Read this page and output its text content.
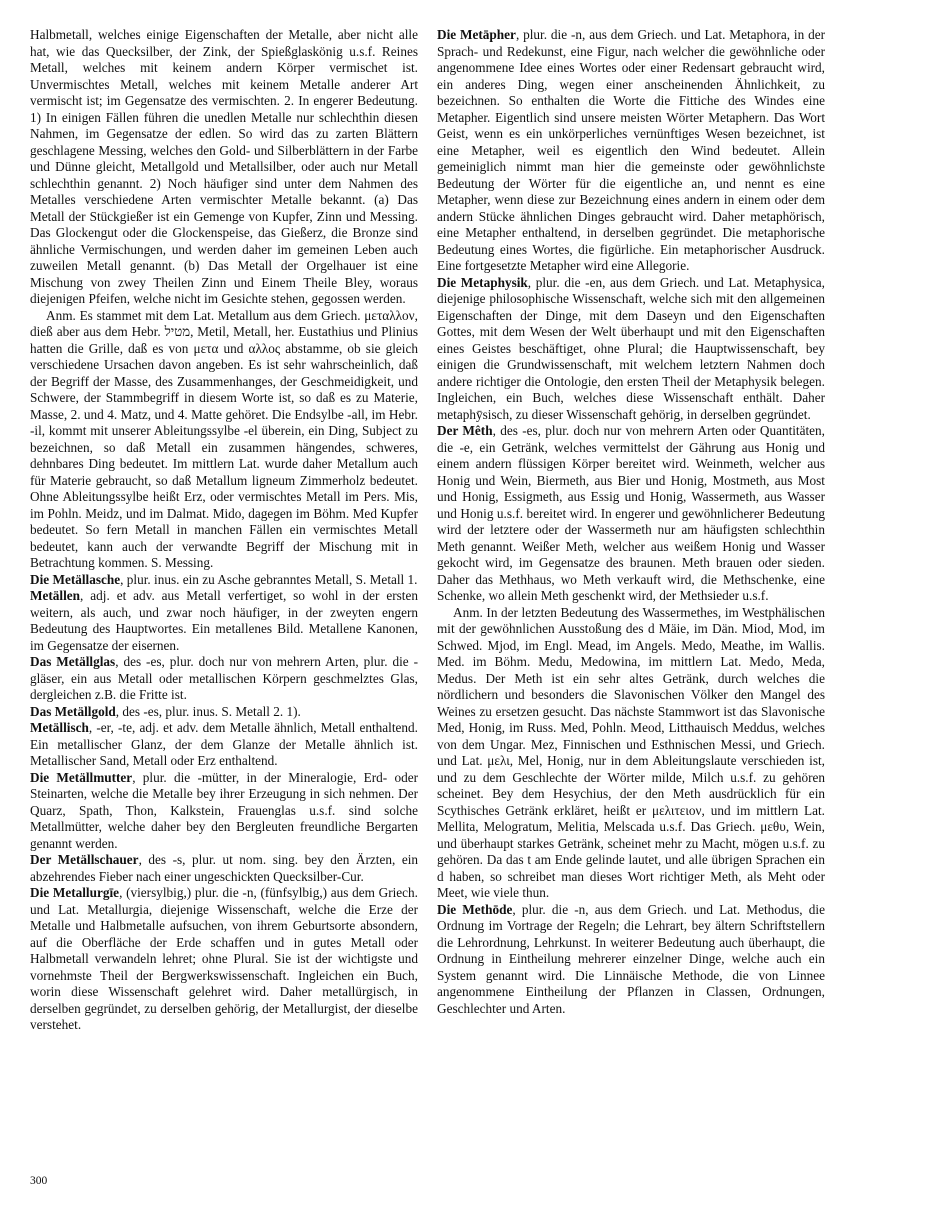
Halbmetall, welches einige Eigenschaften der Metalle, aber nicht alle hat, wie das Quecksilber, der Zink, der Spießglaskönig u.s.f. Reines Metall, welches mit keinem andern Körper vermischet ist. Unvermischtes Metall, welches mit keinem Metalle anderer Art vermischt ist; im Gegensatze des vermischten. 2. In engerer Bedeutung. 1) In einigen Fällen führen die unedlen Metalle nur schlechthin diesen Nahmen, im Gegensatze der edlen. So wird das zu zarten Blättern geschlagene Messing, welches den Gold- und Silberblättern in der Farbe und Dünne gleicht, Metallgold und Metallsilber, oder auch nur Metall schlechthin genannt. 2) Noch häufiger sind unter dem Nahmen des Metalles verschiedene Arten vermischter Metalle bekannt. (a) Das Metall der Stückgießer ist ein Gemenge von Kupfer, Zinn und Messing. Das Glockengut oder die Glockenspeise, das Gießerz, die Bronze sind ähnliche Vermischungen, und werden daher im gemeinen Leben auch zuweilen Metall genannt. (b) Das Metall der Orgelhauer ist eine Mischung von zwey Theilen Zinn und Einem Theile Bley, woraus diejenigen Pfeifen, welche nicht im Gesichte stehen, gegossen werden.

Anm. Es stammet mit dem Lat. Metallum aus dem Griech. μεταλλον, dieß aber aus dem Hebr. מטיל, Metil, Metall, her. Eustathius und Plinius hatten die Grille, daß es von μετα und αλλος abstamme, ob sie gleich verschiedene Ursachen davon angeben. Es ist sehr wahrscheinlich, daß der Begriff der Masse, des Zusammenhanges, der Geschmeidigkeit, und Schwere, der Stammbegriff in diesem Worte ist, so daß es zu Materie, Masse, 2. und 4. Matz, und 4. Matte gehöret. Die Endsylbe -all, im Hebr. -il, kommt mit unserer Ableitungssylbe -el überein, ein Ding, Subject zu bezeichnen, so daß Metall ein zusammen hängendes, schweres, dehnbares Ding bedeutet. Im mittlern Lat. wurde daher Metallum auch für Materie gebraucht, so daß Metallum ligneum Zimmerholz bedeutet. Ohne Ableitungssylbe heißt Erz, oder vermischtes Metall im Pers. Mis, im Pohln. Meidz, und im Dalmat. Mido, dagegen im Böhm. Med Kupfer bedeutet. So fern Metall in manchen Fällen ein vermischtes Metall bedeutet, kann auch der verwandte Begriff der Mischung mit in Betrachtung kommen. S. Messing.

Die Metällasche, plur. inus. ein zu Asche gebranntes Metall, S. Metall 1.

Metällen, adj. et adv. aus Metall verfertiget, so wohl in der ersten weitern, als auch, und zwar noch häufiger, in der zweyten engern Bedeutung des Hauptwortes. Ein metallenes Bild. Metallene Kanonen, im Gegensatze der eisernen.

Das Metällglas, des -es, plur. doch nur von mehrern Arten, plur. die -gläser, ein aus Metall oder metallischen Körpern geschmelztes Glas, dergleichen z.B. die Fritte ist.

Das Metällgold, des -es, plur. inus. S. Metall 2. 1).

Metällisch, -er, -te, adj. et adv. dem Metalle ähnlich, Metall enthaltend. Ein metallischer Glanz, der dem Glanze der Metalle ähnlich ist. Metallischer Sand, Metall oder Erz enthaltend.

Die Metällmutter, plur. die -mütter, in der Mineralogie, Erd- oder Steinarten, welche die Metalle bey ihrer Erzeugung in sich nehmen. Der Quarz, Spath, Thon, Kalkstein, Frauenglas u.s.f. sind solche Metallmütter, welche daher bey den Bergleuten freundliche Bergarten genannt werden.

Der Metällschauer, des -s, plur. ut nom. sing. bey den Ärzten, ein abzehrendes Fieber nach einer ungeschickten Quecksilber-Cur.

Die Metallurgīe, (viersylbig,) plur. die -n, (fünfsylbig,) aus dem Griech. und Lat. Metallurgia, diejenige Wissenschaft, welche die Erze der Metalle und Halbmetalle aufsuchen, von ihrem Geburtsorte absondern, auf die Oberfläche der Erde schaffen und in gutes Metall oder Halbmetall verwandeln lehret; ohne Plural. Sie ist der wichtigste und vornehmste Theil der Bergwerkswissenschaft. Ingleichen ein Buch, worin diese Wissenschaft gelehret wird. Daher metallürgisch, in derselben gegründet, zu derselben gehörig, der Metallurgist, der dieselbe verstehet.

Die Metāpher, plur. die -n, aus dem Griech. und Lat. Metaphora, in der Sprach- und Redekunst, eine Figur, nach welcher die gewöhnliche oder angenommene Idee eines Wortes oder einer Redensart gebraucht wird, ein anderes Ding, wegen einer anscheinenden Ähnlichkeit, zu bezeichnen. So enthalten die Worte die Fittiche des Windes eine Metapher. Eigentlich sind unsere meisten Wörter Metaphern. Das Wort Geist, wenn es ein unkörperliches vernünftiges Wesen bezeichnet, ist eine Metapher, weil es eigentlich den Wind bedeutet. Allein gemeiniglich nimmt man hier die gemeinste oder gewöhnlichste Bedeutung der Wörter für die eigentliche an, und nennt es eine Metapher, wenn diese zur Bezeichnung eines andern in einem oder dem andern Stücke ähnlichen Dinges gebraucht wird. Daher metaphörisch, eine Metapher enthaltend, in derselben gegründet. Die metaphorische Bedeutung eines Wortes, die figürliche. Ein metaphorischer Ausdruck. Eine fortgesetzte Metapher wird eine Allegorie.

Die Metaphysik, plur. die -en, aus dem Griech. und Lat. Metaphysica, diejenige philosophische Wissenschaft, welche sich mit den allgemeinen Eigenschaften der Dinge, mit dem Daseyn und den Eigenschaften Gottes, mit dem Wesen der Welt überhaupt und mit den Eigenschaften eines Geistes beschäftiget, ohne Plural; die Hauptwissenschaft, bey einigen die Grundwissenschaft, mit welchem letztern Nahmen doch andere richtiger die Ontologie, den ersten Theil der Metaphysik belegen. Ingleichen, ein Buch, welches diese Wissenschaft enthält. Daher metaphȳsisch, zu dieser Wissenschaft gehörig, in derselben gegründet.

Der Mêth, des -es, plur. doch nur von mehrern Arten oder Quantitäten, die -e, ein Getränk, welches vermittelst der Gährung aus Honig und einem andern flüssigen Körper bereitet wird. Weinmeth, welcher aus Honig und Wein, Biermeth, aus Bier und Honig, Mostmeth, aus Most und Honig, Essigmeth, aus Essig und Honig, Wassermeth, aus Wasser und Honig u.s.f. bereitet wird. In engerer und gewöhnlicherer Bedeutung wird der letztere oder der Wassermeth nur am häufigsten schlechthin Meth genannt. Weißer Meth, welcher aus weißem Honig und Wasser gekocht wird, im Gegensatze des braunen. Meth brauen oder sieden. Daher das Methhaus, wo Meth verkauft wird, die Methschenke, eine Schenke, wo allein Meth geschenkt wird, der Methsieder u.s.f.

Anm. In der letzten Bedeutung des Wassermethes, im Westphälischen mit der gewöhnlichen Ausstoßung des d Mäie, im Dän. Miod, Mod, im Schwed. Mjod, im Engl. Mead, im Angels. Medo, Meathe, im Wallis. Med. im Böhm. Medu, Medowina, im mittlern Lat. Medo, Meda, Medus. Der Meth ist ein sehr altes Getränk, durch welches die nördlichern und besonders die Slavonischen Völker den Mangel des Weines zu ersetzen gesucht. Das nächste Stammwort ist das Slavonische Med, Honig, im Russ. Med, Pohln. Meod, Litthauisch Meddus, welches von dem Ungar. Mez, Finnischen und Esthnischen Messi, und Griech. und Lat. μελι, Mel, Honig, nur in dem Ableitungslaute verschieden ist, und zu dem Geschlechte der Wörter milde, Milch u.s.f. zu gehören scheinet. Bey dem Hesychius, der den Meth ausdrücklich für ein Scythisches Getränk erkläret, heißt er μελιτειον, und im mittlern Lat. Mellita, Melogratum, Melitia, Melscada u.s.f. Das Griech. μεθυ, Wein, und überhaupt starkes Getränk, scheinet mehr zu Macht, mögen u.s.f. zu gehören. Da das t am Ende gelinde lautet, und alle übrigen Sprachen ein d haben, so schreibet man dieses Wort richtiger Meth, als Meht oder Meet, wie viele thun.

Die Methōde, plur. die -n, aus dem Griech. und Lat. Methodus, die Ordnung im Vortrage der Regeln; die Lehrart, bey ältern Schriftstellern die Lehrordnung, Lehrkunst. In weiterer Bedeutung auch überhaupt, die Ordnung in Eintheilung mehrerer einzelner Dinge, welche auch ein System genannt wird. Die Linnäische Methode, die von Linnee angenommene Eintheilung der Pflanzen in Classen, Ordnungen, Geschlechter und Arten.

300
